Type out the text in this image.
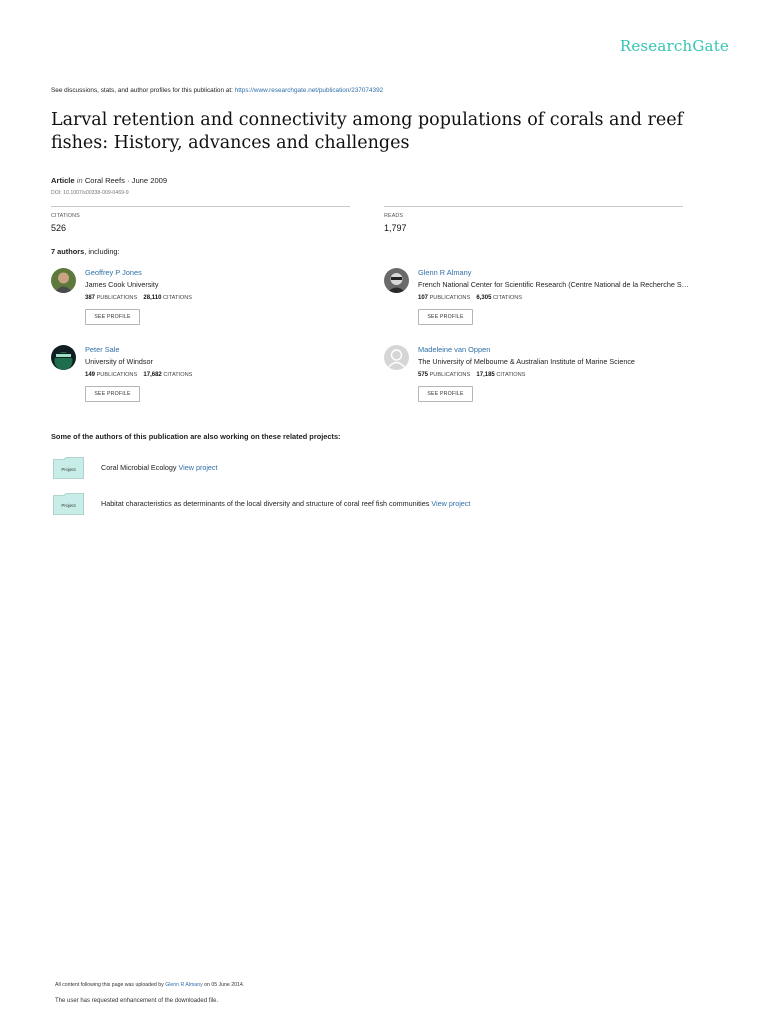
ResearchGate
See discussions, stats, and author profiles for this publication at: https://www.researchgate.net/publication/237074392
Larval retention and connectivity among populations of corals and reef fishes: History, advances and challenges
Article in Coral Reefs · June 2009
DOI: 10.1007/s00338-009-0469-9
CITATIONS
526
READS
1,797
7 authors, including:
Geoffrey P Jones
James Cook University
387 PUBLICATIONS 28,110 CITATIONS
SEE PROFILE
Glenn R Almany
French National Center for Scientific Research (Centre National de la Recherche S…
107 PUBLICATIONS 6,305 CITATIONS
SEE PROFILE
Peter Sale
University of Windsor
149 PUBLICATIONS 17,682 CITATIONS
SEE PROFILE
Madeleine van Oppen
The University of Melbourne & Australian Institute of Marine Science
575 PUBLICATIONS 17,185 CITATIONS
SEE PROFILE
Some of the authors of this publication are also working on these related projects:
Project	Coral Microbial Ecology View project
Project	Habitat characteristics as determinants of the local diversity and structure of coral reef fish communities View project
All content following this page was uploaded by Glenn R Almany on 05 June 2014.
The user has requested enhancement of the downloaded file.
